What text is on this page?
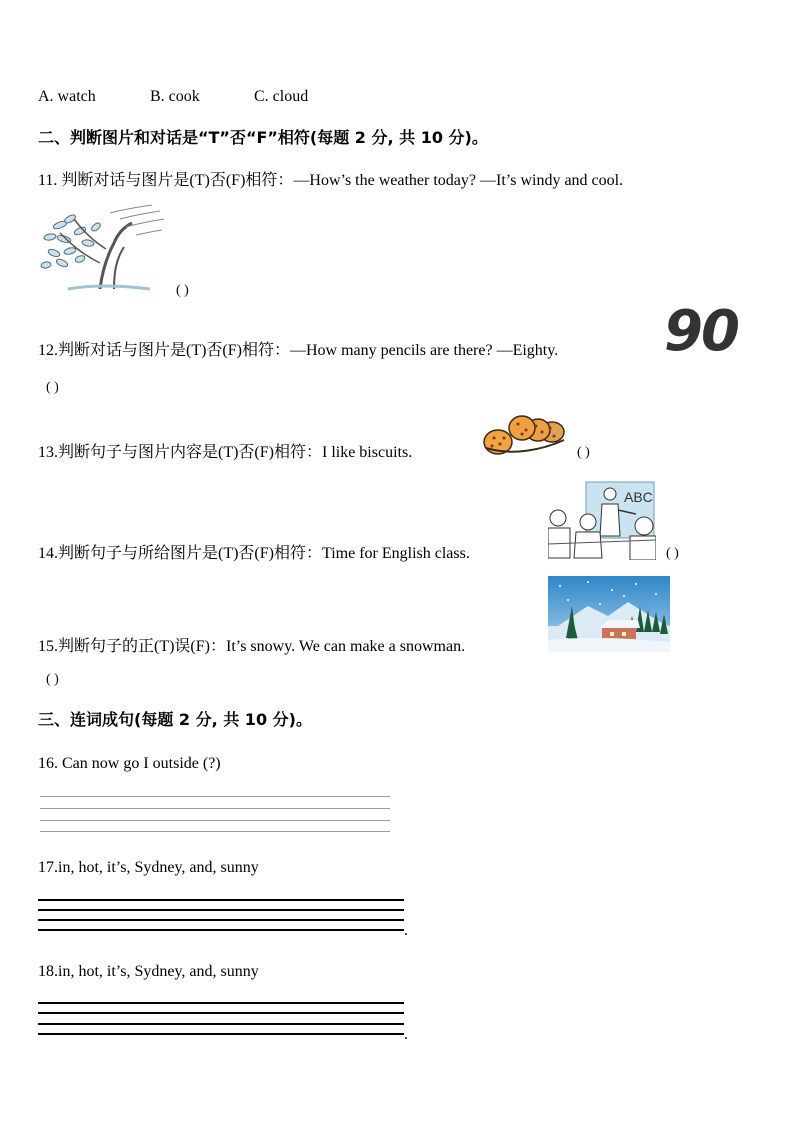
A. watch	B. cook	C. cloud
二、判断图片和对话是“T”否“F”相符(每题 2 分, 共 10 分)。
11. 判断对话与图片是(T)否(F)相符：—How’s the weather today? —It’s windy and cool.
( )
12.判断对话与图片是(T)否(F)相符：—How many pencils are there? —Eighty. 90
( )
13.判断句子与图片内容是(T)否(F)相符：I like biscuits.	( )
14.判断句子与所给图片是(T)否(F)相符：Time for English class.
ABC
( )
15.判断句子的正(T)误(F)：It’s snowy. We can make a snowman.
( )
三、连词成句(每题 2 分, 共 10 分)。
16. Can now go I outside (?)
17.in, hot, it’s, Sydney, and, sunny
.
18.in, hot, it’s, Sydney, and, sunny
.
